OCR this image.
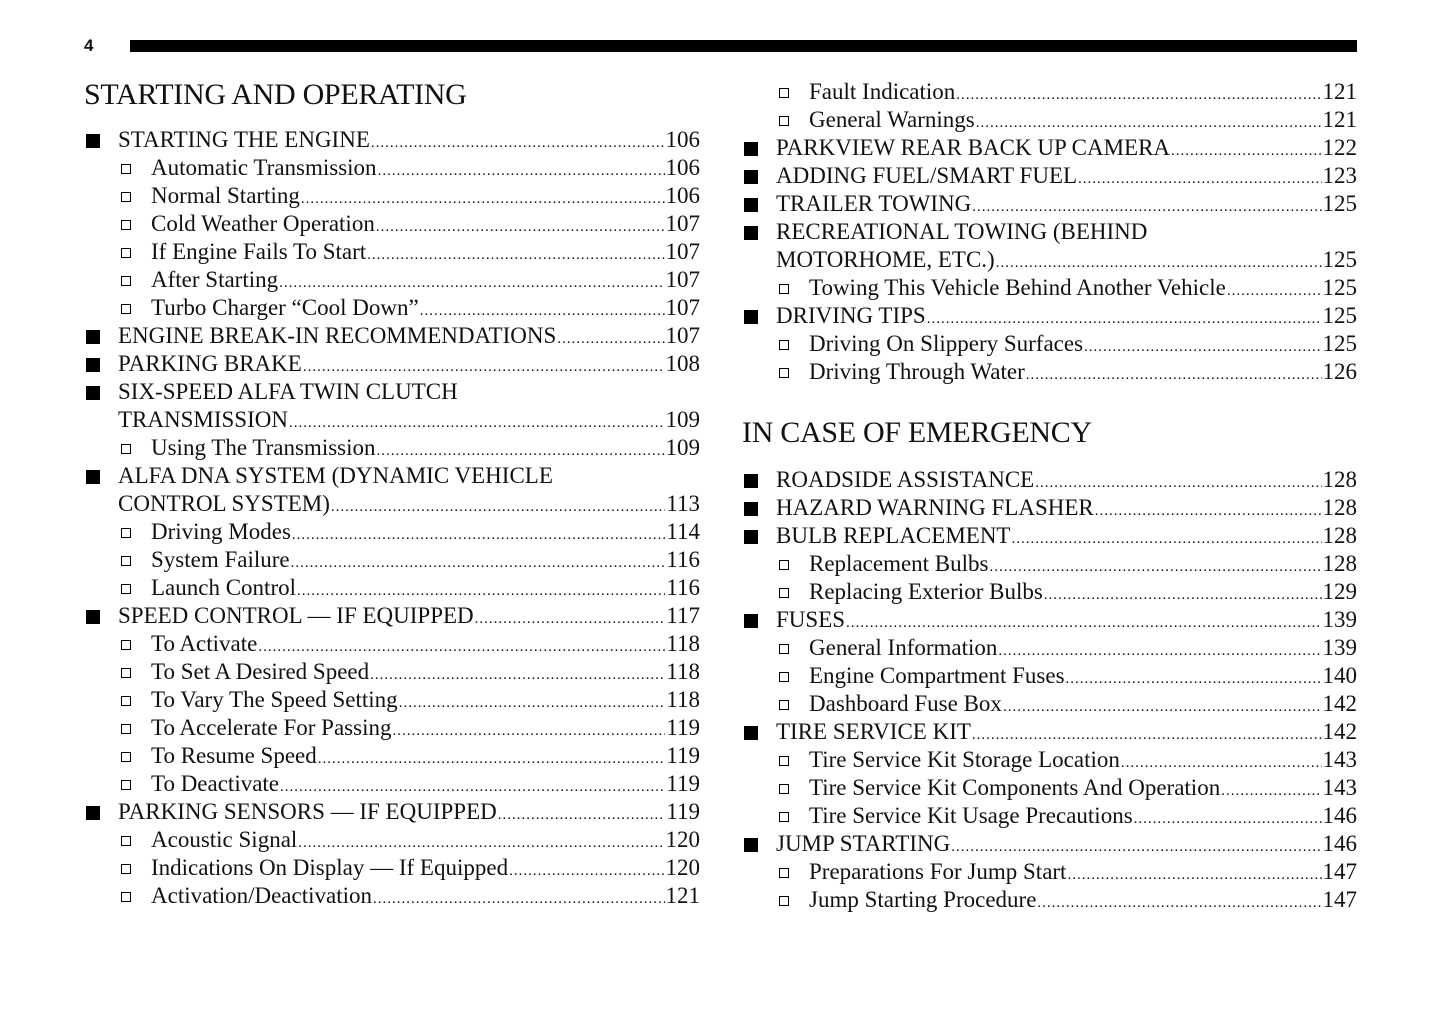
4
STARTING AND OPERATING
STARTING THE ENGINE .....	106
Automatic Transmission .....	106
Normal Starting .....	106
Cold Weather Operation .....	107
If Engine Fails To Start .....	107
After Starting .....	107
Turbo Charger “Cool Down” .....	107
ENGINE BREAK-IN RECOMMENDATIONS .....	107
PARKING BRAKE .....	108
SIX-SPEED ALFA TWIN CLUTCH
TRANSMISSION .....	109
Using The Transmission .....	109
ALFA DNA SYSTEM (DYNAMIC VEHICLE
CONTROL SYSTEM) .....	113
Driving Modes .....	114
System Failure .....	116
Launch Control .....	116
SPEED CONTROL — IF EQUIPPED .....	117
To Activate .....	118
To Set A Desired Speed .....	118
To Vary The Speed Setting .....	118
To Accelerate For Passing .....	119
To Resume Speed .....	119
To Deactivate .....	119
PARKING SENSORS — IF EQUIPPED .....	119
Acoustic Signal .....	120
Indications On Display — If Equipped .....	120
Activation/Deactivation .....	121
Fault Indication .....	121
General Warnings .....	121
PARKVIEW REAR BACK UP CAMERA .....	122
ADDING FUEL/SMART FUEL .....	123
TRAILER TOWING .....	125
RECREATIONAL TOWING (BEHIND
MOTORHOME, ETC.) .....	125
Towing This Vehicle Behind Another Vehicle .....	125
DRIVING TIPS .....	125
Driving On Slippery Surfaces .....	125
Driving Through Water .....	126
IN CASE OF EMERGENCY
ROADSIDE ASSISTANCE .....	128
HAZARD WARNING FLASHER .....	128
BULB REPLACEMENT .....	128
Replacement Bulbs .....	128
Replacing Exterior Bulbs .....	129
FUSES .....	139
General Information .....	139
Engine Compartment Fuses .....	140
Dashboard Fuse Box .....	142
TIRE SERVICE KIT .....	142
Tire Service Kit Storage Location .....	143
Tire Service Kit Components And Operation .....	143
Tire Service Kit Usage Precautions .....	146
JUMP STARTING .....	146
Preparations For Jump Start .....	147
Jump Starting Procedure .....	147
